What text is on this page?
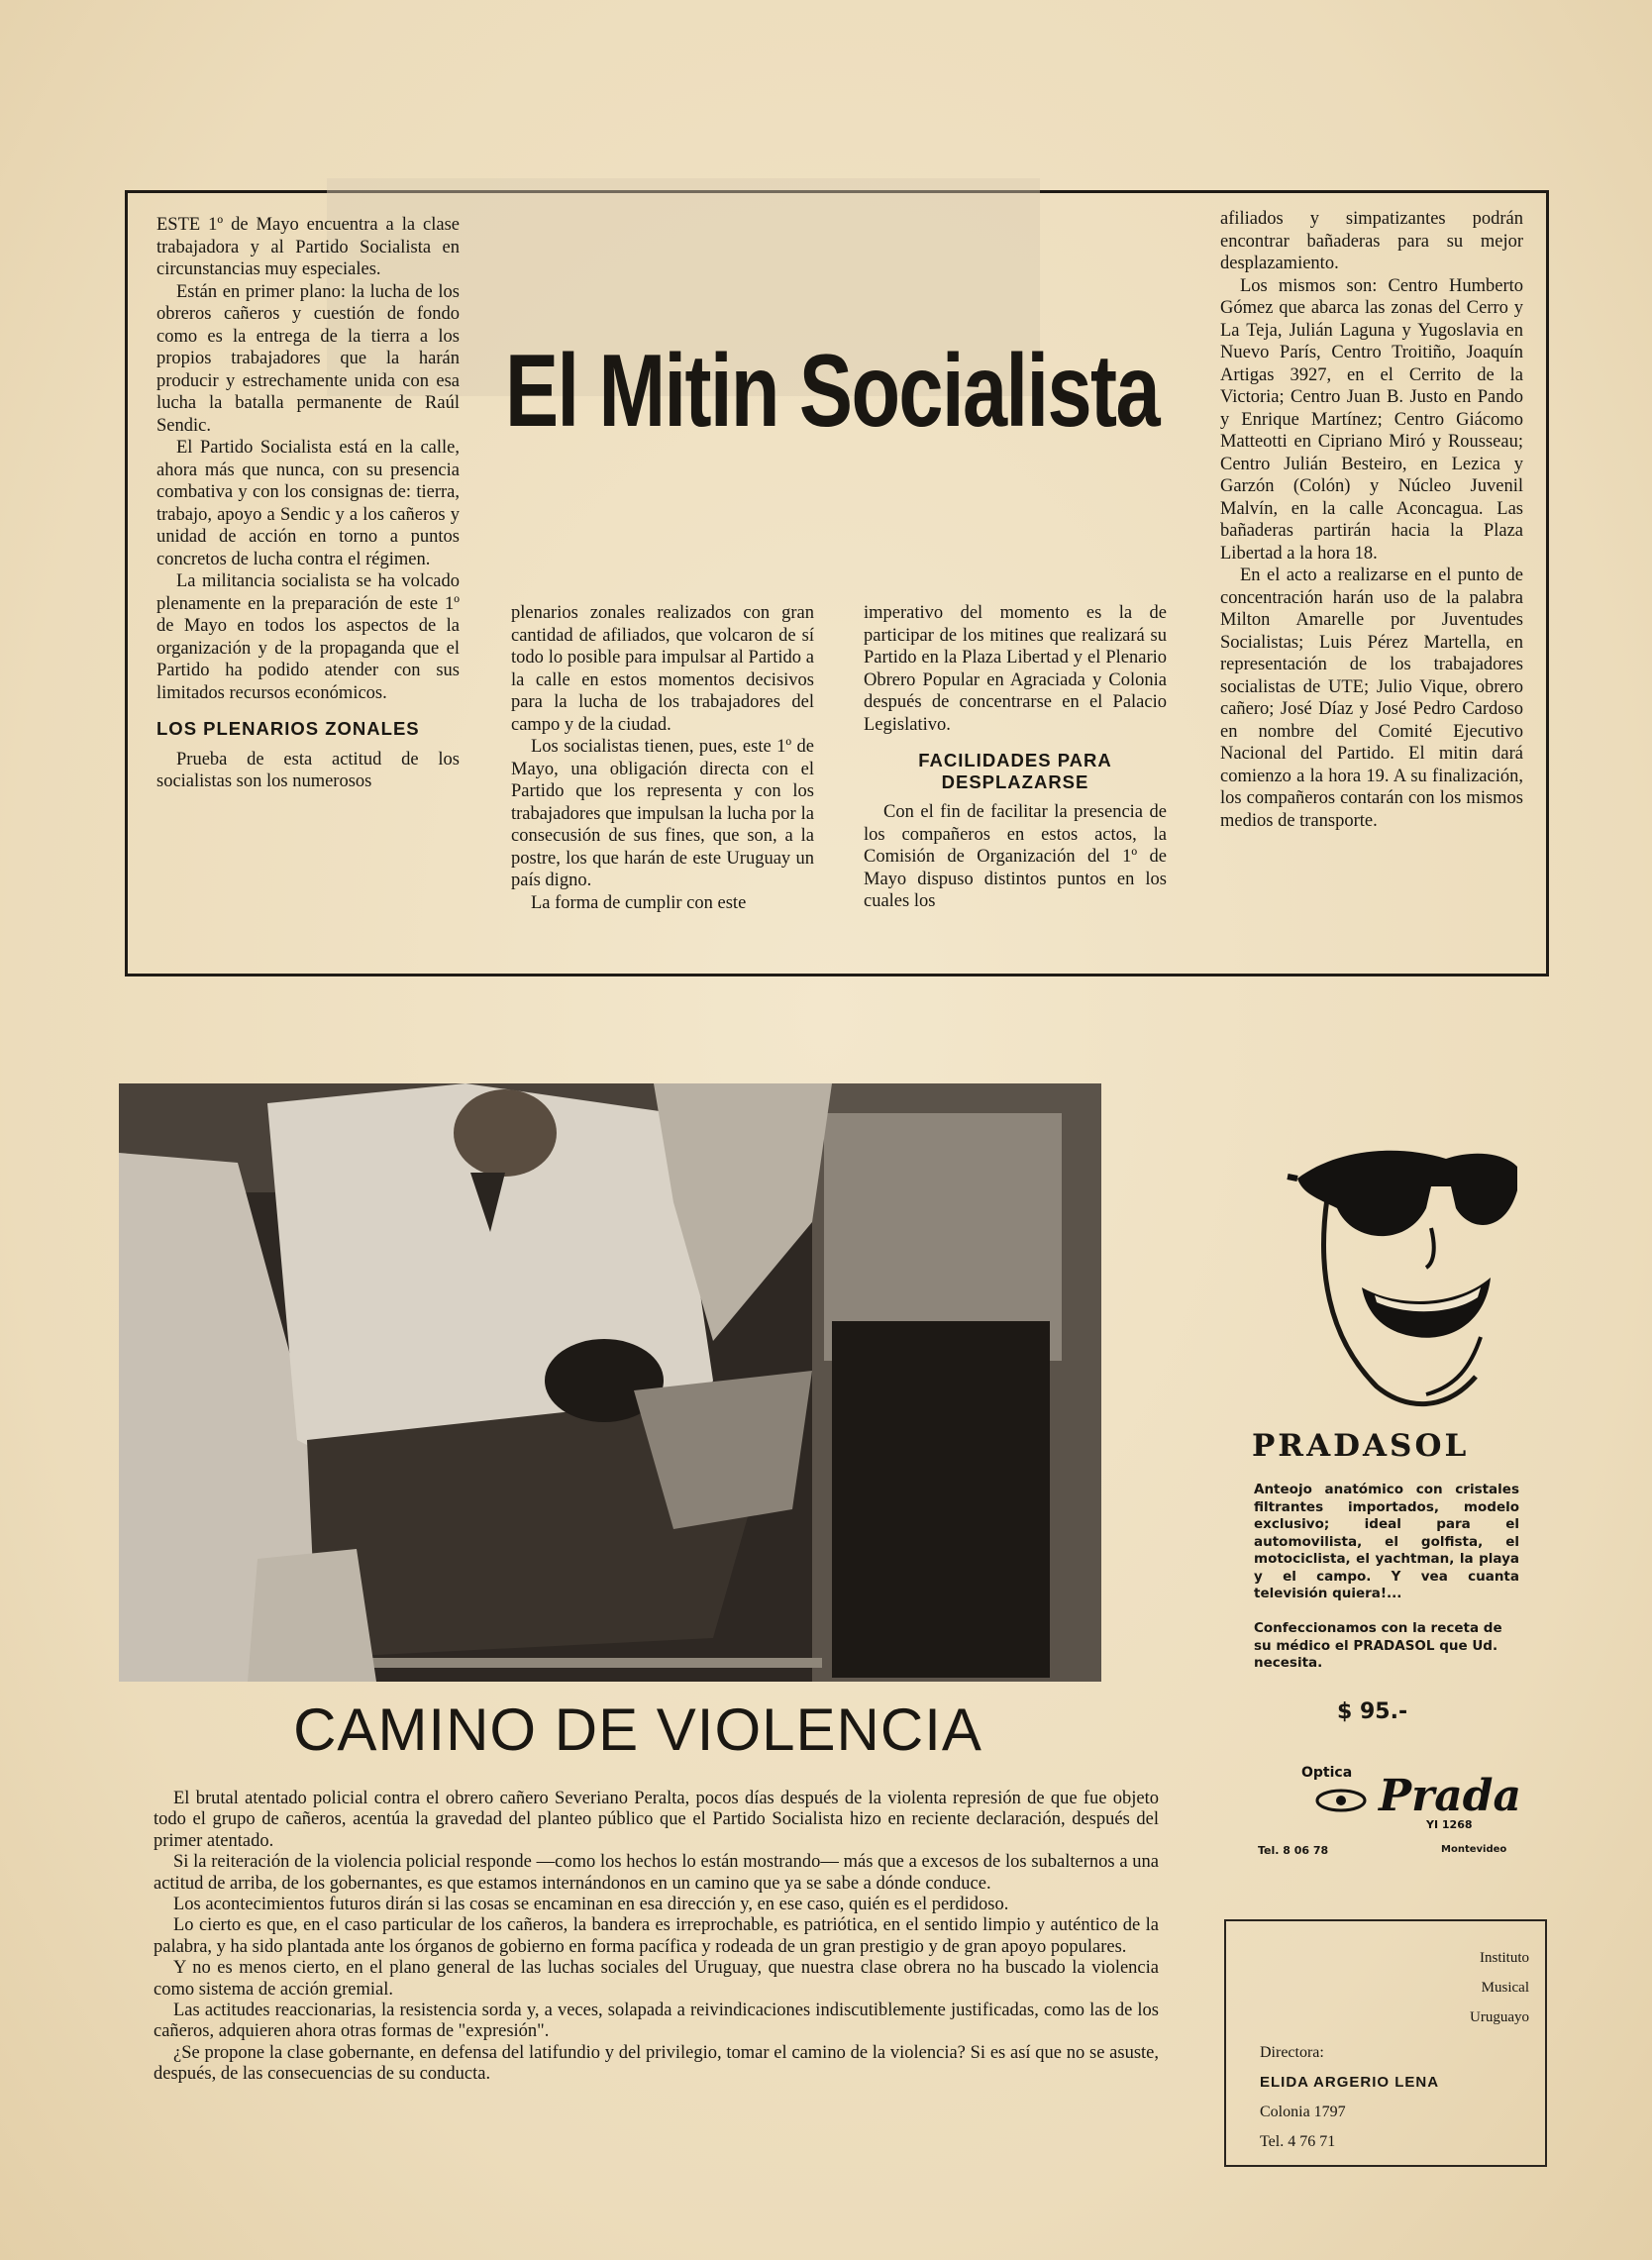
El Mitin Socialista

ESTE 1º de Mayo encuentra a la clase trabajadora y al Partido Socialista en circunstancias muy especiales.

Están en primer plano: la lucha de los obreros cañeros y cuestión de fondo como es la entrega de la tierra a los propios trabajadores que la harán producir y estrechamente unida con esa lucha la batalla permanente de Raúl Sendic.

El Partido Socialista está en la calle, ahora más que nunca, con su presencia combativa y con los consignas de: tierra, trabajo, apoyo a Sendic y a los cañeros y unidad de acción en torno a puntos concretos de lucha contra el régimen.

La militancia socialista se ha volcado plenamente en la preparación de este 1º de Mayo en todos los aspectos de la organización y de la propaganda que el Partido ha podido atender con sus limitados recursos económicos.

LOS PLENARIOS ZONALES

Prueba de esta actitud de los socialistas son los numerosos

plenarios zonales realizados con gran cantidad de afiliados, que volcaron de sí todo lo posible para impulsar al Partido a la calle en estos momentos decisivos para la lucha de los trabajadores del campo y de la ciudad.

Los socialistas tienen, pues, este 1º de Mayo, una obligación directa con el Partido que los representa y con los trabajadores que impulsan la lucha por la consecusión de sus fines, que son, a la postre, los que harán de este Uruguay un país digno.

La forma de cumplir con este

imperativo del momento es la de participar de los mitines que realizará su Partido en la Plaza Libertad y el Plenario Obrero Popular en Agraciada y Colonia después de concentrarse en el Palacio Legislativo.

FACILIDADES PARA DESPLAZARSE

Con el fin de facilitar la presencia de los compañeros en estos actos, la Comisión de Organización del 1º de Mayo dispuso distintos puntos en los cuales los

afiliados y simpatizantes podrán encontrar bañaderas para su mejor desplazamiento.

Los mismos son: Centro Humberto Gómez que abarca las zonas del Cerro y La Teja, Julián Laguna y Yugoslavia en Nuevo París, Centro Troitiño, Joaquín Artigas 3927, en el Cerrito de la Victoria; Centro Juan B. Justo en Pando y Enrique Martínez; Centro Giácomo Matteotti en Cipriano Miró y Rousseau; Centro Julián Besteiro, en Lezica y Garzón (Colón) y Núcleo Juvenil Malvín, en la calle Aconcagua. Las bañaderas partirán hacia la Plaza Libertad a la hora 18.

En el acto a realizarse en el punto de concentración harán uso de la palabra Milton Amarelle por Juventudes Socialistas; Luis Pérez Martella, en representación de los trabajadores socialistas de UTE; Julio Vique, obrero cañero; José Díaz y José Pedro Cardoso en nombre del Comité Ejecutivo Nacional del Partido. El mitin dará comienzo a la hora 19. A su finalización, los compañeros contarán con los mismos medios de transporte.

CAMINO DE VIOLENCIA

El brutal atentado policial contra el obrero cañero Severiano Peralta, pocos días después de la violenta represión de que fue objeto todo el grupo de cañeros, acentúa la gravedad del planteo público que el Partido Socialista hizo en reciente declaración, después del primer atentado.

Si la reiteración de la violencia policial responde —como los hechos lo están mostrando— más que a excesos de los subalternos a una actitud de arriba, de los gobernantes, es que estamos internándonos en un camino que ya se sabe a dónde conduce.

Los acontecimientos futuros dirán si las cosas se encaminan en esa dirección y, en ese caso, quién es el perdidoso.

Lo cierto es que, en el caso particular de los cañeros, la bandera es irreprochable, es patriótica, en el sentido limpio y auténtico de la palabra, y ha sido plantada ante los órganos de gobierno en forma pacífica y rodeada de un gran prestigio y de gran apoyo populares.

Y no es menos cierto, en el plano general de las luchas sociales del Uruguay, que nuestra clase obrera no ha buscado la violencia como sistema de acción gremial.

Las actitudes reaccionarias, la resistencia sorda y, a veces, solapada a reivindicaciones indiscutiblemente justificadas, como las de los cañeros, adquieren ahora otras formas de "expresión".

¿Se propone la clase gobernante, en defensa del latifundio y del privilegio, tomar el camino de la violencia? Si es así que no se asuste, después, de las consecuencias de su conducta.

PRADASOL
Anteojo anatómico con cristales filtrantes importados, modelo exclusivo; ideal para el automovilista, el golfista, el motociclista, el yachtman, la playa y el campo. Y vea cuanta televisión quiera!...
Confeccionamos con la receta de su médico el PRADASOL que Ud. necesita.
$ 95.-
Optica Prada
YI 1268
Tel. 8 06 78	Montevideo
Instituto
Musical
Uruguayo
Directora:
ELIDA ARGERIO LENA
Colonia 1797
Tel. 4 76 71
